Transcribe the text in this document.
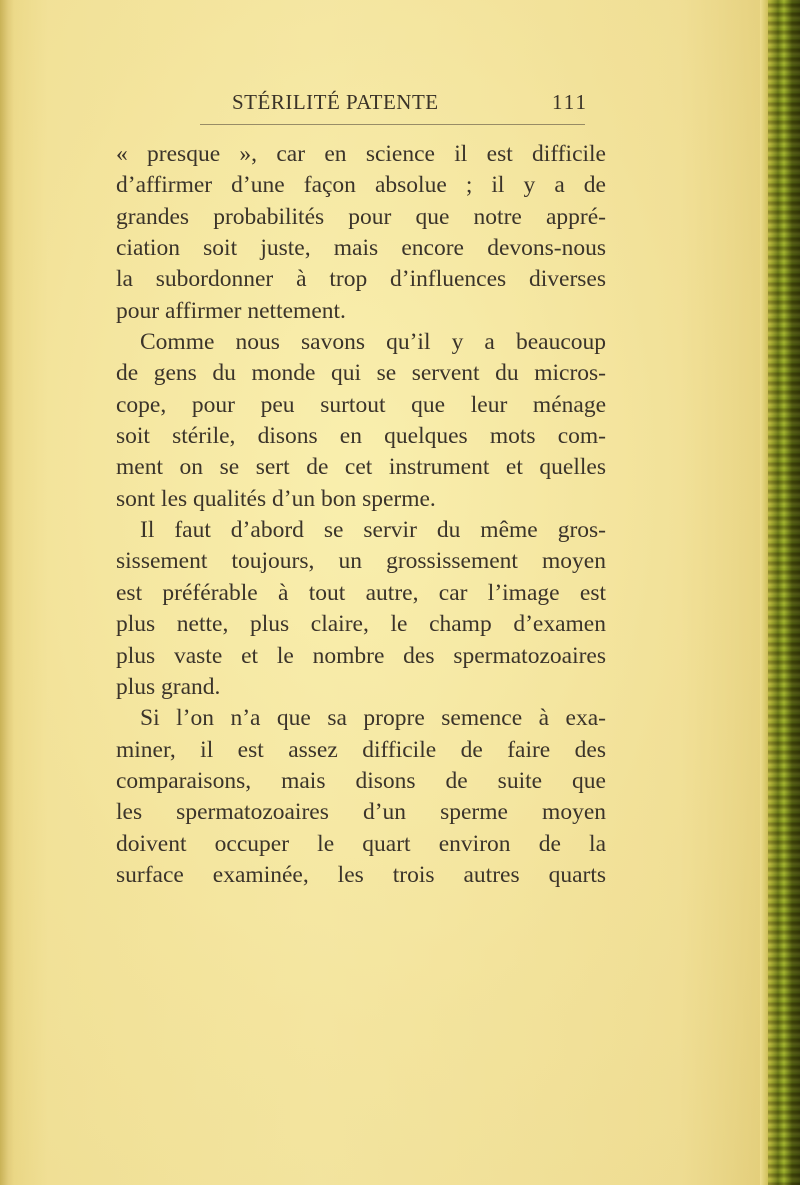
STÉRILITÉ PATENTE	111
« presque », car en science il est difficile
d’affirmer d’une façon absolue ; il y a de
grandes probabilités pour que notre appré-
ciation soit juste, mais encore devons-nous
la subordonner à trop d’influences diverses
pour affirmer nettement.
Comme nous savons qu’il y a beaucoup
de gens du monde qui se servent du micros-
cope, pour peu surtout que leur ménage
soit stérile, disons en quelques mots com-
ment on se sert de cet instrument et quelles
sont les qualités d’un bon sperme.
Il faut d’abord se servir du même gros-
sissement toujours, un grossissement moyen
est préférable à tout autre, car l’image est
plus nette, plus claire, le champ d’examen
plus vaste et le nombre des spermatozoaires
plus grand.
Si l’on n’a que sa propre semence à exa-
miner, il est assez difficile de faire des
comparaisons, mais disons de suite que
les spermatozoaires d’un sperme moyen
doivent occuper le quart environ de la
surface examinée, les trois autres quarts
